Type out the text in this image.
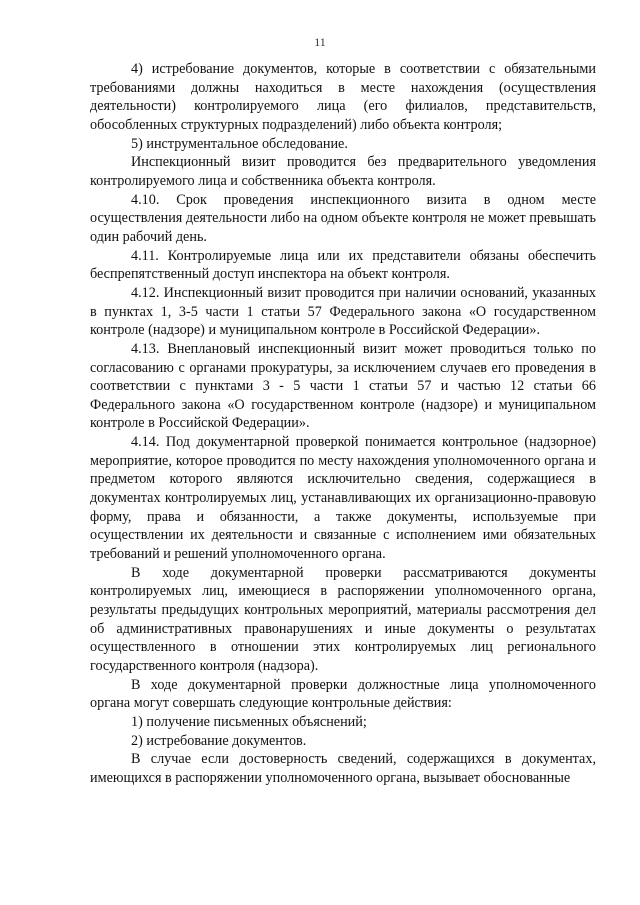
11

4) истребование документов, которые в соответствии с обязательными требованиями должны находиться в месте нахождения (осуществления деятельности) контролируемого лица (его филиалов, представительств, обособленных структурных подразделений) либо объекта контроля;

5) инструментальное обследование.

Инспекционный визит проводится без предварительного уведомления контролируемого лица и собственника объекта контроля.

4.10. Срок проведения инспекционного визита в одном месте осуществления деятельности либо на одном объекте контроля не может превышать один рабочий день.

4.11. Контролируемые лица или их представители обязаны обеспечить беспрепятственный доступ инспектора на объект контроля.

4.12. Инспекционный визит проводится при наличии оснований, указанных в пунктах 1, 3-5 части 1 статьи 57 Федерального закона «О государственном контроле (надзоре) и муниципальном контроле в Российской Федерации».

4.13. Внеплановый инспекционный визит может проводиться только по согласованию с органами прокуратуры, за исключением случаев его проведения в соответствии с пунктами 3 - 5 части 1 статьи 57 и частью 12 статьи 66 Федерального закона «О государственном контроле (надзоре) и муниципальном контроле в Российской Федерации».

4.14. Под документарной проверкой понимается контрольное (надзорное) мероприятие, которое проводится по месту нахождения уполномоченного органа и предметом которого являются исключительно сведения, содержащиеся в документах контролируемых лиц, устанавливающих их организационно-правовую форму, права и обязанности, а также документы, используемые при осуществлении их деятельности и связанные с исполнением ими обязательных требований и решений уполномоченного органа.

В ходе документарной проверки рассматриваются документы контролируемых лиц, имеющиеся в распоряжении уполномоченного органа, результаты предыдущих контрольных мероприятий, материалы рассмотрения дел об административных правонарушениях и иные документы о результатах осуществленного в отношении этих контролируемых лиц регионального государственного контроля (надзора).

В ходе документарной проверки должностные лица уполномоченного органа могут совершать следующие контрольные действия:

1) получение письменных объяснений;

2) истребование документов.

В случае если достоверность сведений, содержащихся в документах, имеющихся в распоряжении уполномоченного органа, вызывает обоснованные
